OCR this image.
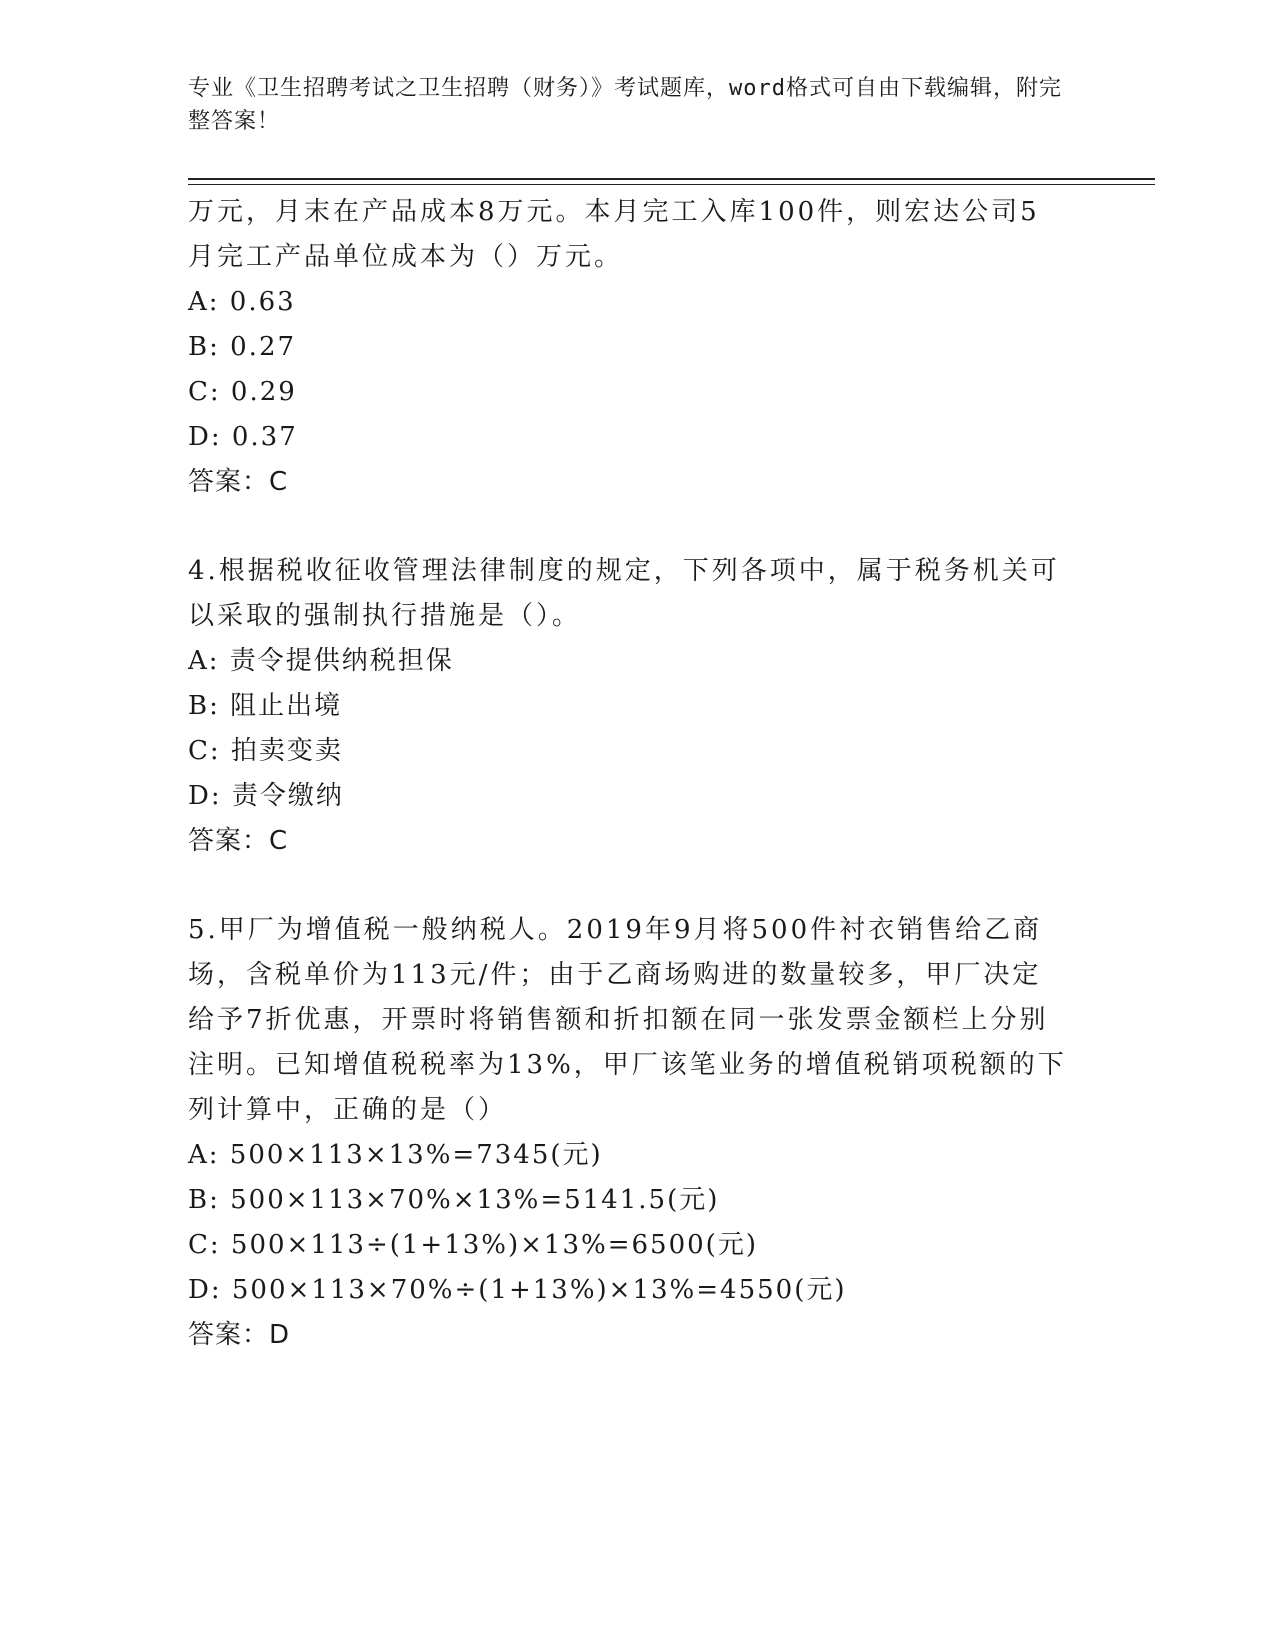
专业《卫生招聘考试之卫生招聘（财务）》考试题库，word格式可自由下载编辑，附完整答案！

万元，月末在产品成本8万元。本月完工入库100件，则宏达公司5月完工产品单位成本为（）万元。

A: 0.63

B: 0.27

C: 0.29

D: 0.37

答案：C

4.根据税收征收管理法律制度的规定，下列各项中，属于税务机关可以采取的强制执行措施是（）。

A: 责令提供纳税担保

B: 阻止出境

C: 拍卖变卖

D: 责令缴纳

答案：C

5.甲厂为增值税一般纳税人。2019年9月将500件衬衣销售给乙商场，含税单价为113元/件；由于乙商场购进的数量较多，甲厂决定给予7折优惠，开票时将销售额和折扣额在同一张发票金额栏上分别注明。已知增值税税率为13%，甲厂该笔业务的增值税销项税额的下列计算中，正确的是（）

A: 500×113×13%=7345(元)

B: 500×113×70%×13%=5141.5(元)

C: 500×113÷(1+13%)×13%=6500(元)

D: 500×113×70%÷(1+13%)×13%=4550(元)

答案：D
